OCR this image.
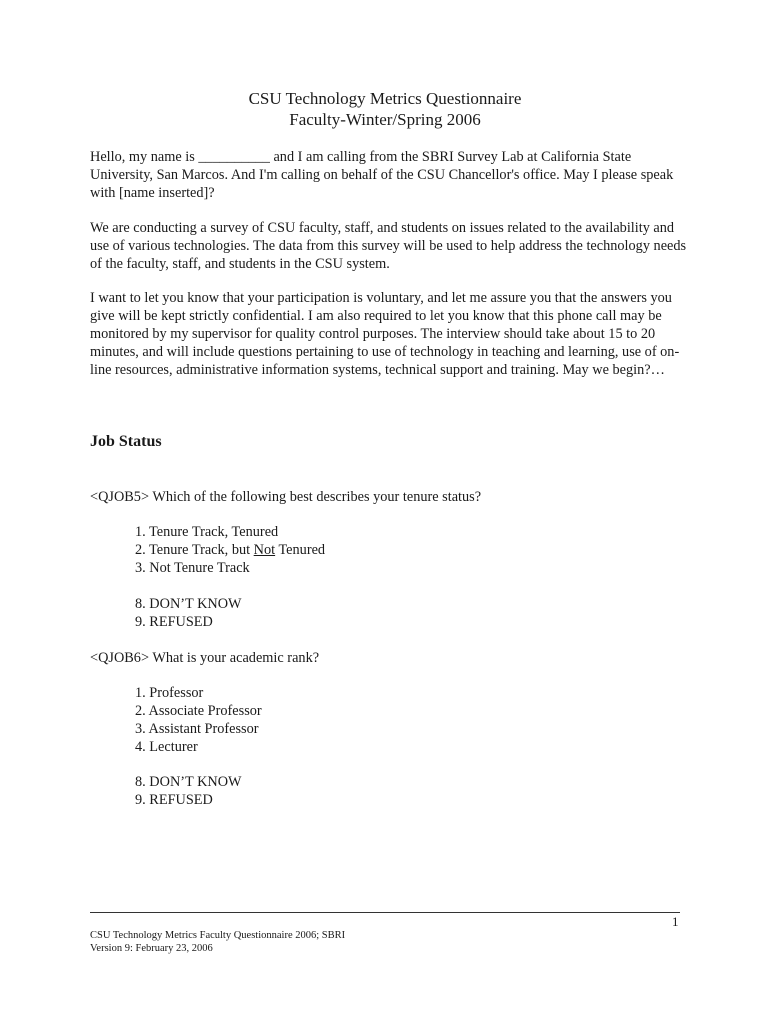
CSU Technology Metrics Questionnaire
Faculty-Winter/Spring 2006

Hello, my name is __________ and I am calling from the SBRI Survey Lab at California State University, San Marcos. And I'm calling on behalf of the CSU Chancellor's office. May I please speak with [name inserted]?

We are conducting a survey of CSU faculty, staff, and students on issues related to the availability and use of various technologies. The data from this survey will be used to help address the technology needs of the faculty, staff, and students in the CSU system.

I want to let you know that your participation is voluntary, and let me assure you that the answers you give will be kept strictly confidential. I am also required to let you know that this phone call may be monitored by my supervisor for quality control purposes. The interview should take about 15 to 20 minutes, and will include questions pertaining to use of technology in teaching and learning, use of on-line resources, administrative information systems, technical support and training. May we begin?…

Job Status
<QJOB5> Which of the following best describes your tenure status?
1. Tenure Track, Tenured
2. Tenure Track, but Not Tenured
3. Not Tenure Track
8. DON’T KNOW
9. REFUSED
<QJOB6> What is your academic rank?
1. Professor
2. Associate Professor
3. Assistant Professor
4. Lecturer
8. DON’T KNOW
9. REFUSED
1
CSU Technology Metrics Faculty Questionnaire 2006; SBRI
Version 9: February 23, 2006
